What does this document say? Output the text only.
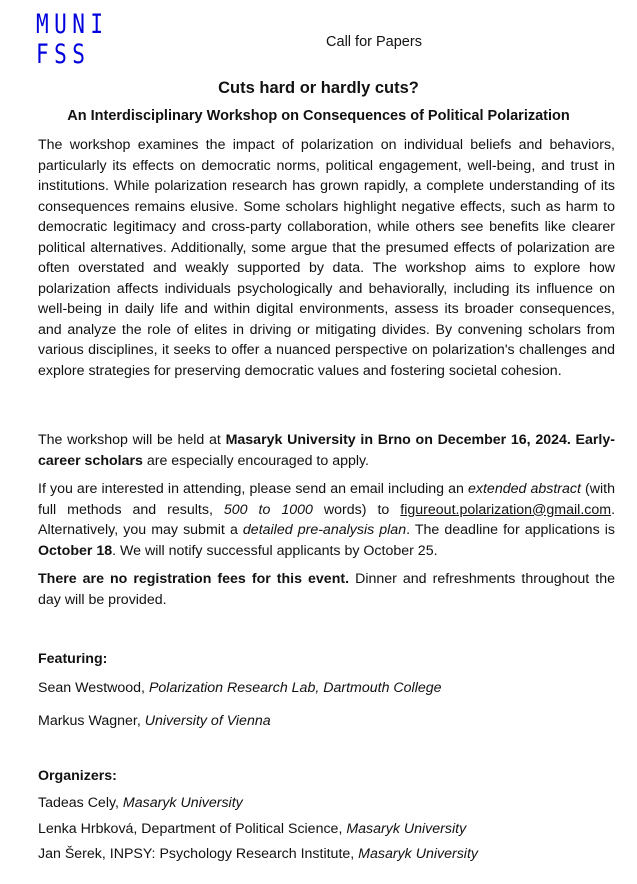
MUNI
FSS	Call for Papers
Cuts hard or hardly cuts?
An Interdisciplinary Workshop on Consequences of Political Polarization
The workshop examines the impact of polarization on individual beliefs and behaviors, particularly its effects on democratic norms, political engagement, well-being, and trust in institutions. While polarization research has grown rapidly, a complete understanding of its consequences remains elusive. Some scholars highlight negative effects, such as harm to democratic legitimacy and cross-party collaboration, while others see benefits like clearer political alternatives. Additionally, some argue that the presumed effects of polarization are often overstated and weakly supported by data. The workshop aims to explore how polarization affects individuals psychologically and behaviorally, including its influence on well-being in daily life and within digital environments, assess its broader consequences, and analyze the role of elites in driving or mitigating divides. By convening scholars from various disciplines, it seeks to offer a nuanced perspective on polarization's challenges and explore strategies for preserving democratic values and fostering societal cohesion.
The workshop will be held at Masaryk University in Brno on December 16, 2024. Early-career scholars are especially encouraged to apply.
If you are interested in attending, please send an email including an extended abstract (with full methods and results, 500 to 1000 words) to figureout.polarization@gmail.com. Alternatively, you may submit a detailed pre-analysis plan. The deadline for applications is October 18. We will notify successful applicants by October 25.
There are no registration fees for this event. Dinner and refreshments throughout the day will be provided.
Featuring:
Sean Westwood, Polarization Research Lab, Dartmouth College
Markus Wagner, University of Vienna
Organizers:
Tadeas Cely, Masaryk University
Lenka Hrbková, Department of Political Science, Masaryk University
Jan Šerek, INPSY: Psychology Research Institute, Masaryk University
